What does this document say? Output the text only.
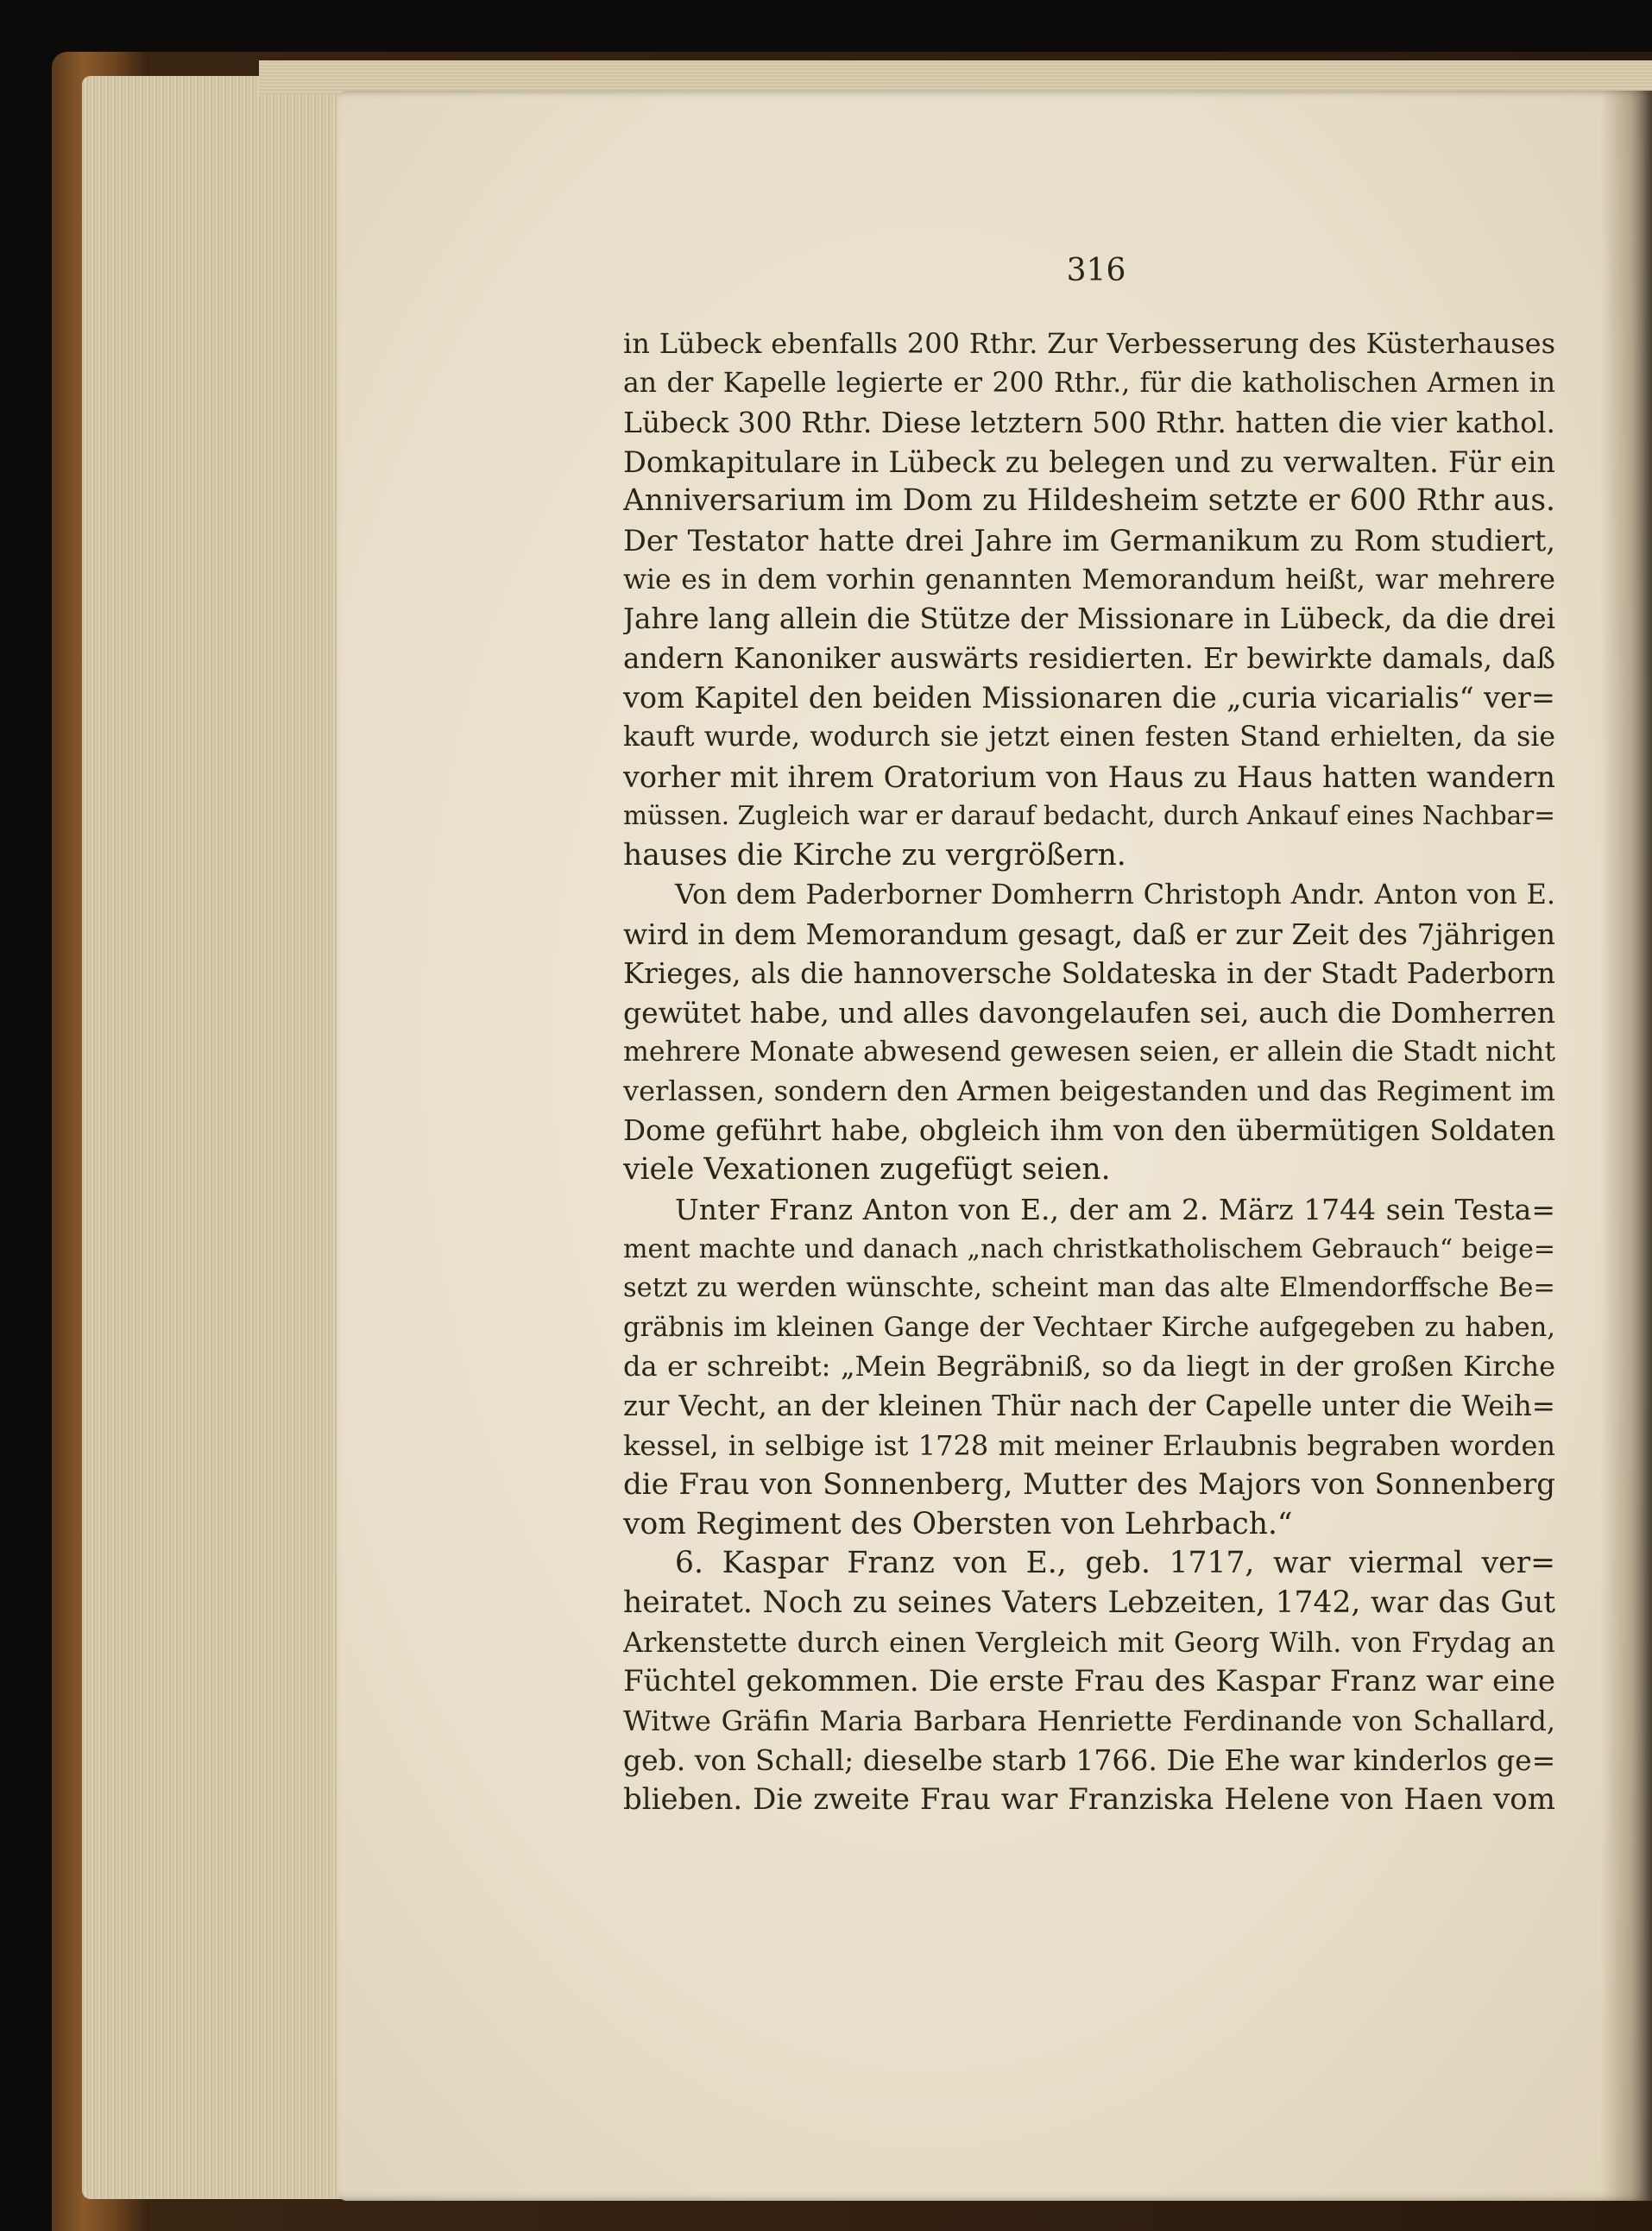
316
in Lübeck ebenfalls 200 Rthr. Zur Verbesserung des Küsterhauses
an der Kapelle legierte er 200 Rthr., für die katholischen Armen in
Lübeck 300 Rthr. Diese letztern 500 Rthr. hatten die vier kathol.
Domkapitulare in Lübeck zu belegen und zu verwalten. Für ein
Anniversarium im Dom zu Hildesheim setzte er 600 Rthr aus.
Der Testator hatte drei Jahre im Germanikum zu Rom studiert,
wie es in dem vorhin genannten Memorandum heißt, war mehrere
Jahre lang allein die Stütze der Missionare in Lübeck, da die drei
andern Kanoniker auswärts residierten. Er bewirkte damals, daß
vom Kapitel den beiden Missionaren die „curia vicarialis“ ver=
kauft wurde, wodurch sie jetzt einen festen Stand erhielten, da sie
vorher mit ihrem Oratorium von Haus zu Haus hatten wandern
müssen. Zugleich war er darauf bedacht, durch Ankauf eines Nachbar=
hauses die Kirche zu vergrößern.
Von dem Paderborner Domherrn Christoph Andr. Anton von E.
wird in dem Memorandum gesagt, daß er zur Zeit des 7jährigen
Krieges, als die hannoversche Soldateska in der Stadt Paderborn
gewütet habe, und alles davongelaufen sei, auch die Domherren
mehrere Monate abwesend gewesen seien, er allein die Stadt nicht
verlassen, sondern den Armen beigestanden und das Regiment im
Dome geführt habe, obgleich ihm von den übermütigen Soldaten
viele Vexationen zugefügt seien.
Unter Franz Anton von E., der am 2. März 1744 sein Testa=
ment machte und danach „nach christkatholischem Gebrauch“ beige=
setzt zu werden wünschte, scheint man das alte Elmendorffsche Be=
gräbnis im kleinen Gange der Vechtaer Kirche aufgegeben zu haben,
da er schreibt: „Mein Begräbniß, so da liegt in der großen Kirche
zur Vecht, an der kleinen Thür nach der Capelle unter die Weih=
kessel, in selbige ist 1728 mit meiner Erlaubnis begraben worden
die Frau von Sonnenberg, Mutter des Majors von Sonnenberg
vom Regiment des Obersten von Lehrbach.“
6. Kaspar Franz von E., geb. 1717, war viermal ver=
heiratet. Noch zu seines Vaters Lebzeiten, 1742, war das Gut
Arkenstette durch einen Vergleich mit Georg Wilh. von Frydag an
Füchtel gekommen. Die erste Frau des Kaspar Franz war eine
Witwe Gräfin Maria Barbara Henriette Ferdinande von Schallard,
geb. von Schall; dieselbe starb 1766. Die Ehe war kinderlos ge=
blieben. Die zweite Frau war Franziska Helene von Haen vom
